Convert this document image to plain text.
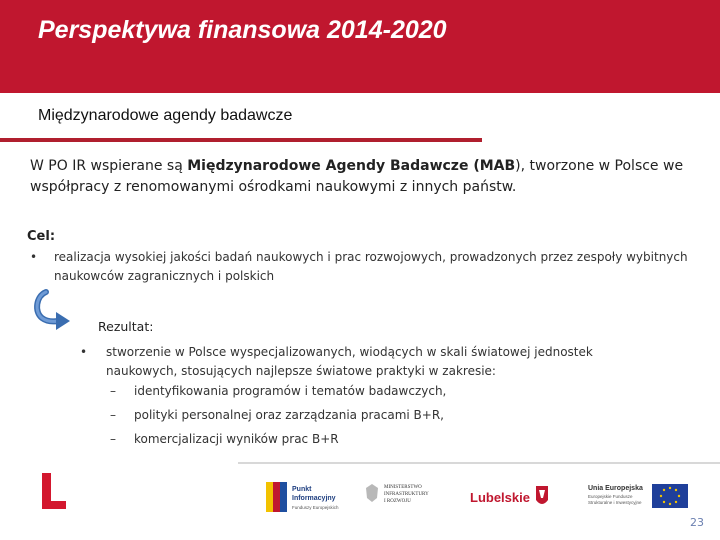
Perspektywa finansowa 2014-2020
Międzynarodowe agendy badawcze
W PO IR wspierane są Międzynarodowe Agendy Badawcze (MAB), tworzone w Polsce we współpracy z renomowanymi ośrodkami naukowymi z innych państw.
Cel:
• realizacja wysokiej jakości badań naukowych i prac rozwojowych, prowadzonych przez zespoły wybitnych naukowców zagranicznych i polskich
Rezultat:
• stworzenie w Polsce wyspecjalizowanych, wiodących w skali światowej jednostek naukowych, stosujących najlepsze światowe praktyki w zakresie:
– identyfikowania programów i tematów badawczych,
– polityki personalnej oraz zarządzania pracami B+R,
– komercjalizacji wyników prac B+R
Punkt
Informacyjny
Funduszy Europejskich
MINISTERSTWO
INFRASTRUKTURY
I ROZWOJU	Lubelskie
Unia Europejska
Europejskie Fundusze
Strukturalne i Inwestycyjne
23
